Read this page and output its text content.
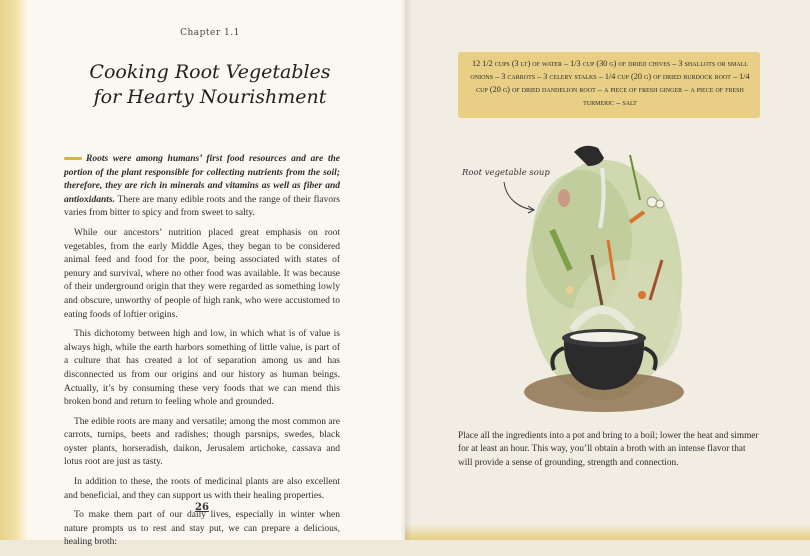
Chapter 1.1
Cooking Root Vegetables
for Hearty Nourishment

Roots were among humans’ first food resources and are the portion of the plant responsible for collecting nutrients from the soil; therefore, they are rich in minerals and vitamins as well as fiber and antioxidants. There are many edible roots and the range of their flavors varies from bitter to spicy and from sweet to salty.

While our ancestors’ nutrition placed great emphasis on root vegetables, from the early Middle Ages, they began to be considered animal feed and food for the poor, being associated with states of penury and survival, where no other food was available. It was because of their underground origin that they were regarded as something lowly and obscure, unworthy of people of high rank, who were accustomed to eating foods of loftier origins.

This dichotomy between high and low, in which what is of value is always high, while the earth harbors something of little value, is part of a culture that has created a lot of separation among us and has disconnected us from our origins and our history as human beings. Actually, it’s by consuming these very foods that we can mend this broken bond and return to feeling whole and grounded.

The edible roots are many and versatile; among the most common are carrots, turnips, beets and radishes; though parsnips, swedes, black oyster plants, horseradish, daikon, Jerusalem artichoke, cassava and lotus root are just as tasty.

In addition to these, the roots of medicinal plants are also excellent and beneficial, and they can support us with their healing properties.

To make them part of our daily lives, especially in winter when nature prompts us to rest and stay put, we can prepare a delicious, healing broth:

26
12 1/2 cups (3 lt) of water – 1/3 cup (30 g) of dried chives – 3 shallots or small onions – 3 carrots – 3 celery stalks – 1/4 cup (20 g) of dried burdock root – 1/4 cup (20 g) of dried dandelion root – a piece of fresh ginger – a piece of fresh turmeric – salt
Root vegetable soup
Place all the ingredients into a pot and bring to a boil; lower the heat and simmer for at least an hour. This way, you’ll obtain a broth with an intense flavor that will provide a sense of grounding, strength and connection.
